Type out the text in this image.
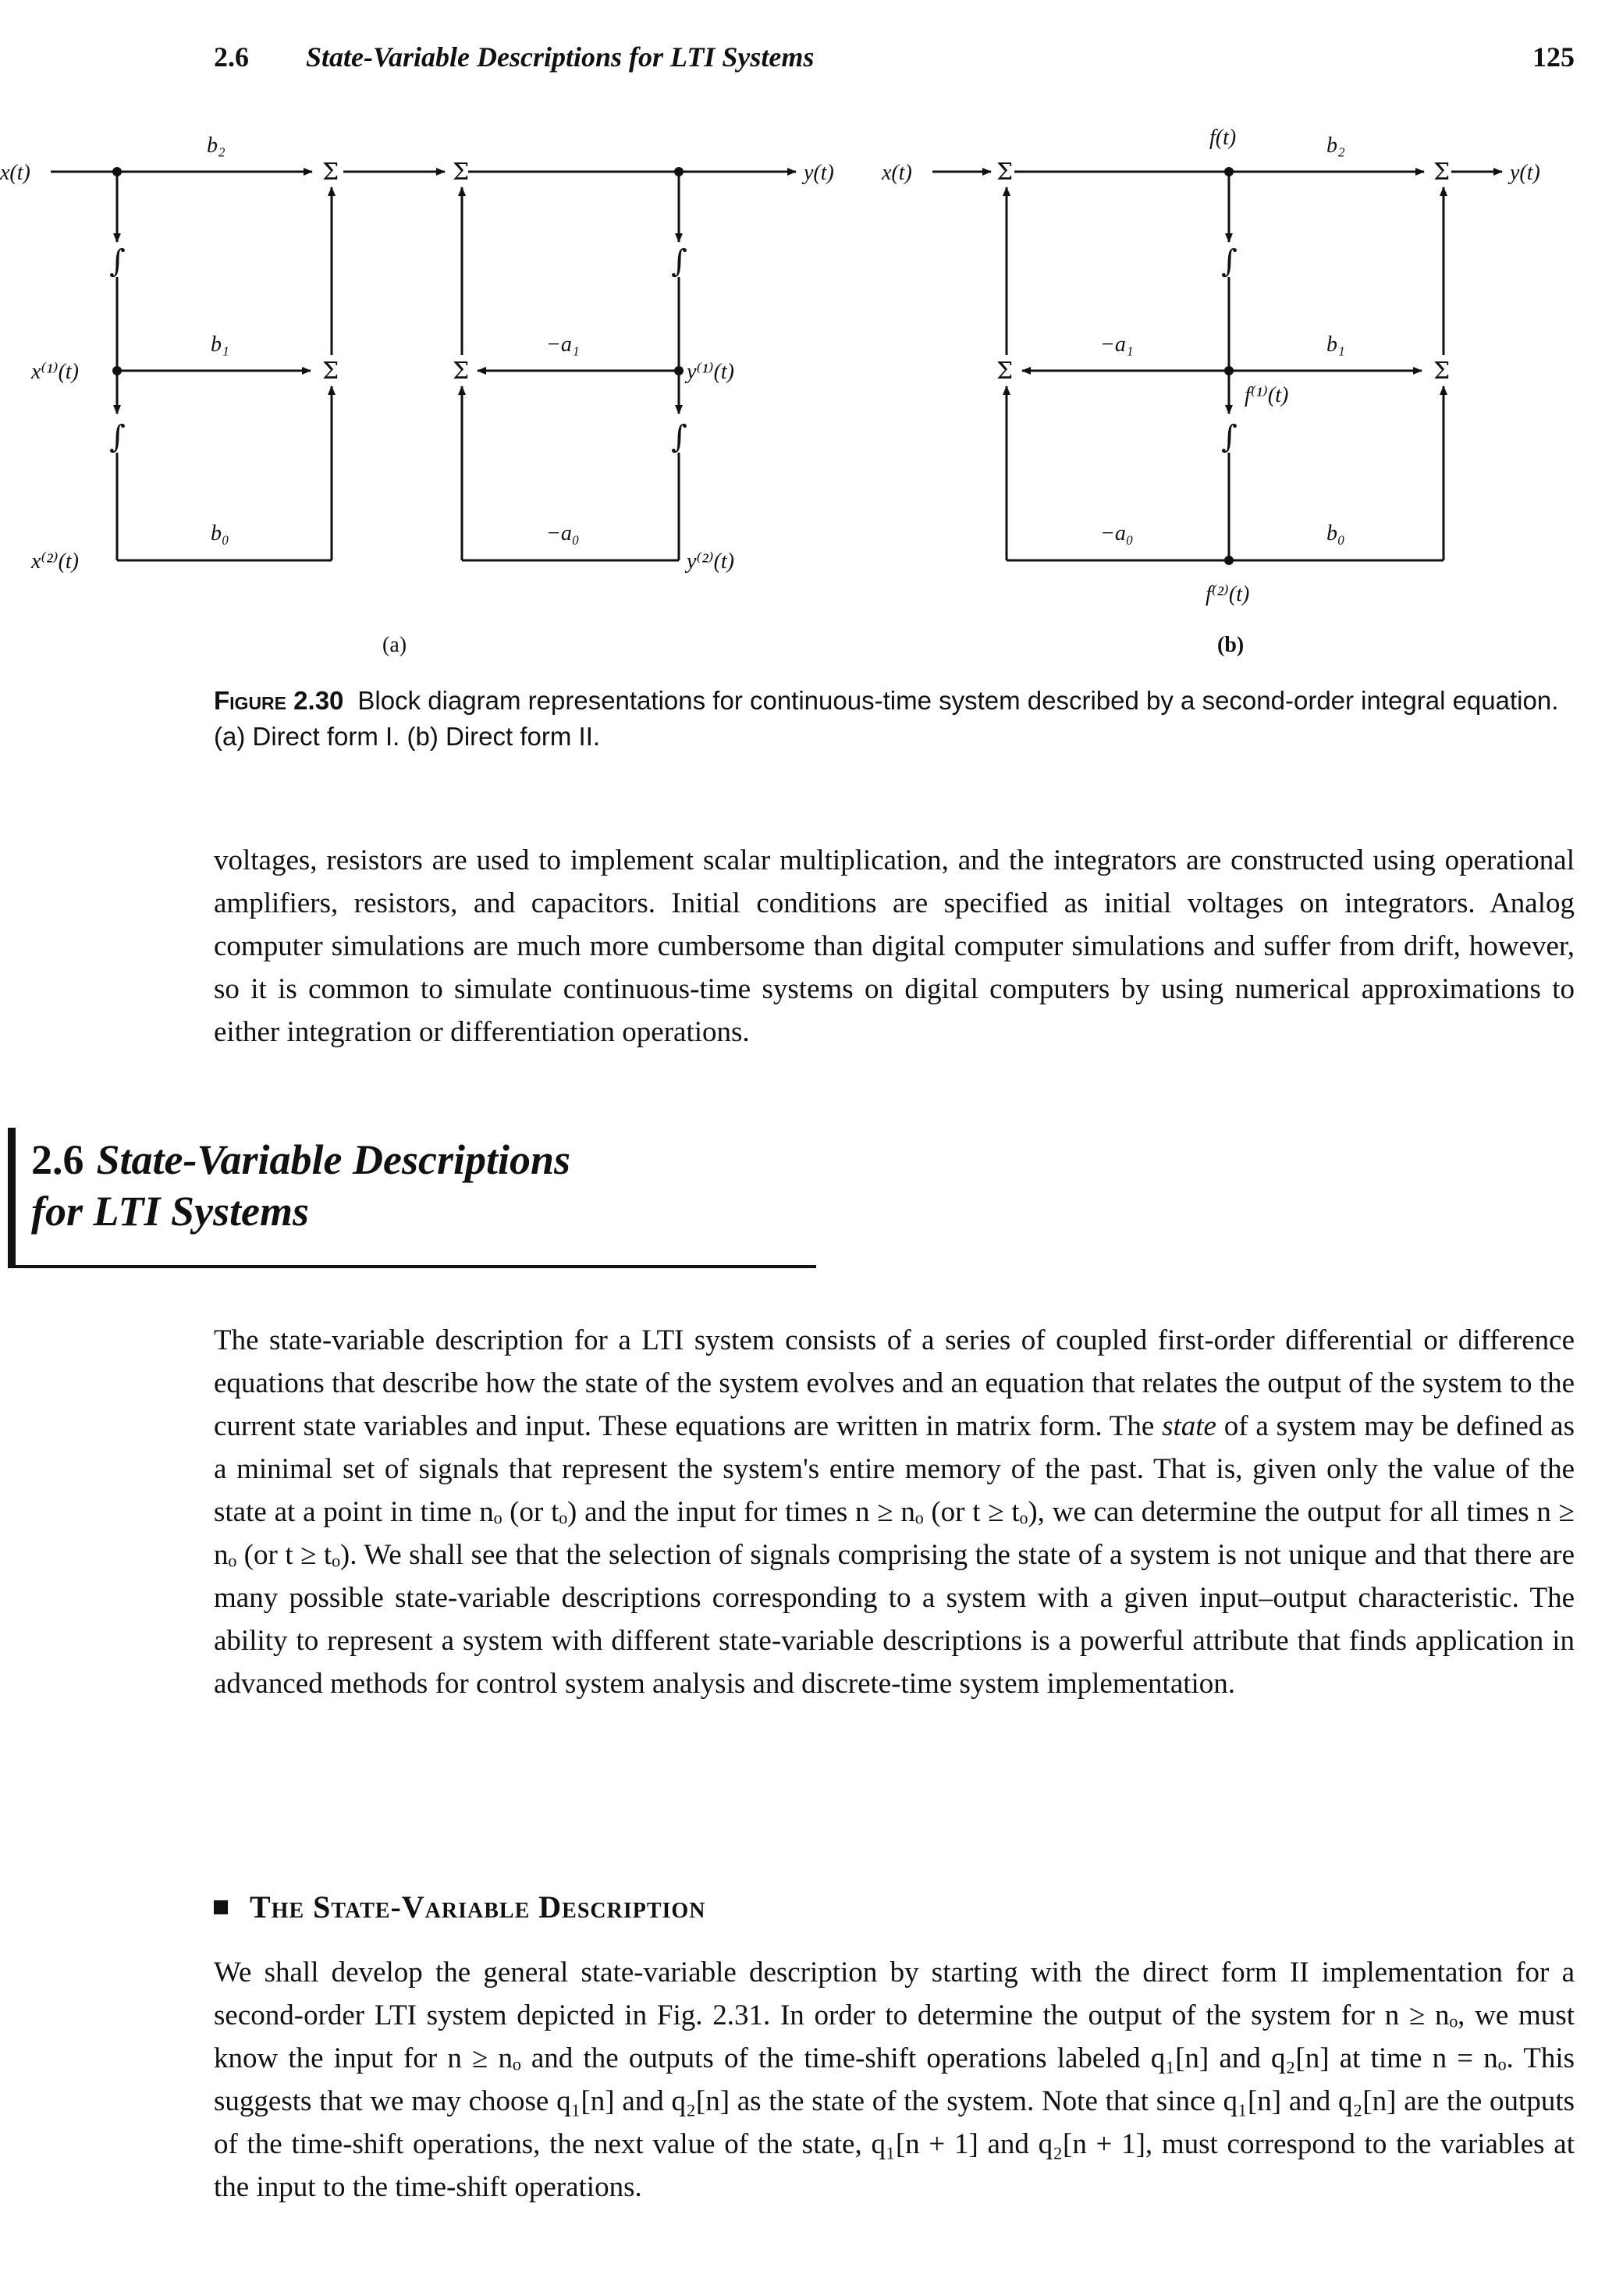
2.6 State-Variable Descriptions for LTI Systems	125
Σ
Σ
Σ
Σ
∫
∫
∫
∫
x(t)	y(t)
x⁽¹⁾(t)
x⁽²⁾(t)
y⁽¹⁾(t)
y⁽²⁾(t)
b₂
b₁
b₀
−a₁
−a₀
(a)
Σ
Σ
Σ
Σ
∫
∫
x(t)	y(t)
f(t)
f⁽¹⁾(t)
f⁽²⁾(t)
b₂
b₁
b₀
−a₁
−a₀
(b)
Figure 2.30 Block diagram representations for continuous-time system described by a second-order integral equation. (a) Direct form I. (b) Direct form II.
voltages, resistors are used to implement scalar multiplication, and the integrators are constructed using operational amplifiers, resistors, and capacitors. Initial conditions are specified as initial voltages on integrators. Analog computer simulations are much more cumbersome than digital computer simulations and suffer from drift, however, so it is common to simulate continuous-time systems on digital computers by using numerical approximations to either integration or differentiation operations.
2.6 State-Variable Descriptions
for LTI Systems
The state-variable description for a LTI system consists of a series of coupled first-order differential or difference equations that describe how the state of the system evolves and an equation that relates the output of the system to the current state variables and input. These equations are written in matrix form. The state of a system may be defined as a minimal set of signals that represent the system's entire memory of the past. That is, given only the value of the state at a point in time nₒ (or tₒ) and the input for times n ≥ nₒ (or t ≥ tₒ), we can determine the output for all times n ≥ nₒ (or t ≥ tₒ). We shall see that the selection of signals comprising the state of a system is not unique and that there are many possible state-variable descriptions corresponding to a system with a given input–output characteristic. The ability to represent a system with different state-variable descriptions is a powerful attribute that finds application in advanced methods for control system analysis and discrete-time system implementation.
The State-Variable Description
We shall develop the general state-variable description by starting with the direct form II implementation for a second-order LTI system depicted in Fig. 2.31. In order to determine the output of the system for n ≥ nₒ, we must know the input for n ≥ nₒ and the outputs of the time-shift operations labeled q₁[n] and q₂[n] at time n = nₒ. This suggests that we may choose q₁[n] and q₂[n] as the state of the system. Note that since q₁[n] and q₂[n] are the outputs of the time-shift operations, the next value of the state, q₁[n + 1] and q₂[n + 1], must correspond to the variables at the input to the time-shift operations.
